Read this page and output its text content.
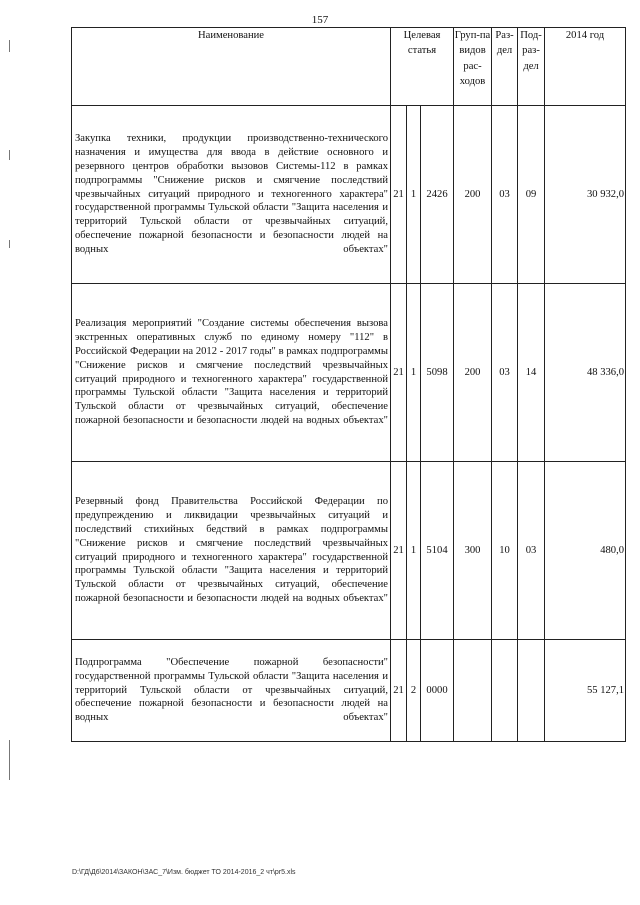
157
Наименование	Целевая статья			Груп-па видов рас-ходов	Раз-дел	Под-раз-дел	2014 год
Закупка техники, продукции производственно-технического назначения и имущества для ввода в действие основного и резервного центров обработки вызовов Системы-112 в рамках подпрограммы "Снижение рисков и смягчение последствий чрезвычайных ситуаций природного и техногенного характера" государственной программы Тульской области "Защита населения и территорий Тульской области от чрезвычайных ситуаций, обеспечение пожарной безопасности и безопасности людей на водных объектах"	21	1	2426	200	03	09	30 932,0
Реализация мероприятий "Создание системы обеспечения вызова экстренных оперативных служб по единому номеру "112" в Российской Федерации на 2012 - 2017 годы" в рамках подпрограммы "Снижение рисков и смягчение последствий чрезвычайных ситуаций природного и техногенного характера" государственной программы Тульской области "Защита населения и территорий Тульской области от чрезвычайных ситуаций, обеспечение пожарной безопасности и безопасности людей на водных объектах"	21	1	5098	200	03	14	48 336,0
Резервный фонд Правительства Российской Федерации по предупреждению и ликвидации чрезвычайных ситуаций и последствий стихийных бедствий в рамках подпрограммы "Снижение рисков и смягчение последствий чрезвычайных ситуаций природного и техногенного характера" государственной программы Тульской области "Защита населения и территорий Тульской области от чрезвычайных ситуаций, обеспечение пожарной безопасности и безопасности людей на водных объектах"	21	1	5104	300	10	03	480,0
Подпрограмма "Обеспечение пожарной безопасности" государственной программы Тульской области "Защита населения и территорий Тульской области от чрезвычайных ситуаций, обеспечение пожарной безопасности и безопасности людей на водных объектах"	21	2	0000				55 127,1
D:\ГД\Д6\2014\ЗАКОН\ЗАС_7\Изм. бюджет ТО 2014-2016_2 чт\pr5.xls
